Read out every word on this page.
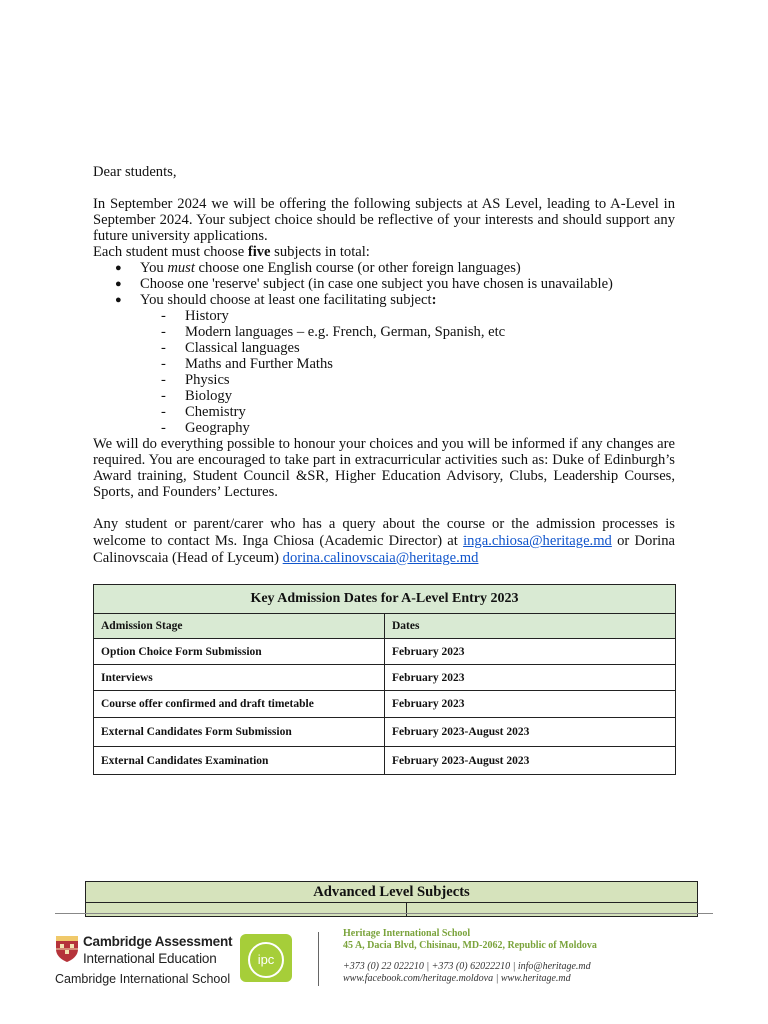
Dear students,

In September 2024 we will be offering the following subjects at AS Level, leading to A-Level in September 2024. Your subject choice should be reflective of your interests and should support any future university applications.

Each student must choose five subjects in total:

● You must choose one English course (or other foreign languages)
● Choose one 'reserve' subject (in case one subject you have chosen is unavailable)
● You should choose at least one facilitating subject:
- History
- Modern languages – e.g. French, German, Spanish, etc
- Classical languages
- Maths and Further Maths
- Physics
- Biology
- Chemistry
- Geography

We will do everything possible to honour your choices and you will be informed if any changes are required. You are encouraged to take part in extracurricular activities such as: Duke of Edinburgh’s Award training, Student Council &SR, Higher Education Advisory, Clubs, Leadership Courses, Sports, and Founders’ Lectures.

Any student or parent/carer who has a query about the course or the admission processes is welcome to contact Ms. Inga Chiosa (Academic Director) at inga.chiosa@heritage.md or Dorina Calinovscaia (Head of Lyceum) dorina.calinovscaia@heritage.md

Key Admission Dates for A-Level Entry 2023	
Admission Stage	Dates
Option Choice Form Submission	February 2023
Interviews	February 2023
Course offer confirmed and draft timetable	February 2023
External Candidates Form Submission	February 2023-August 2023
External Candidates Examination	February 2023-August 2023
Advanced Level Subjects

Cambridge Assessment
International Education
Cambridge International School
ipc
Heritage International School
45 A, Dacia Blvd, Chisinau, MD-2062, Republic of Moldova
+373 (0) 22 022210 | +373 (0) 62022210 | info@heritage.md
www.facebook.com/heritage.moldova | www.heritage.md
